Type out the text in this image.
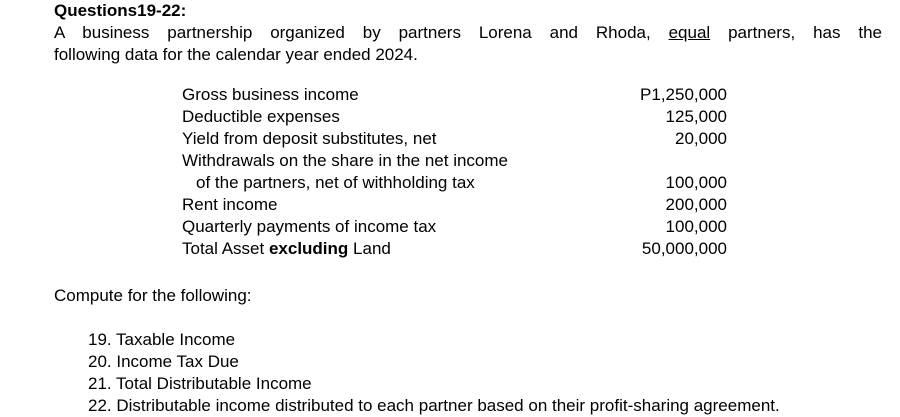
Questions19-22:
A business partnership organized by partners Lorena and Rhoda, equal partners, has the
following data for the calendar year ended 2024.
Gross business income	P1,250,000
Deductible expenses	125,000
Yield from deposit substitutes, net	20,000
Withdrawals on the share in the net income
of the partners, net of withholding tax	100,000
Rent income	200,000
Quarterly payments of income tax	100,000
Total Asset excluding Land	50,000,000
Compute for the following:
19. Taxable Income
20. Income Tax Due
21. Total Distributable Income
22. Distributable income distributed to each partner based on their profit-sharing agreement.
